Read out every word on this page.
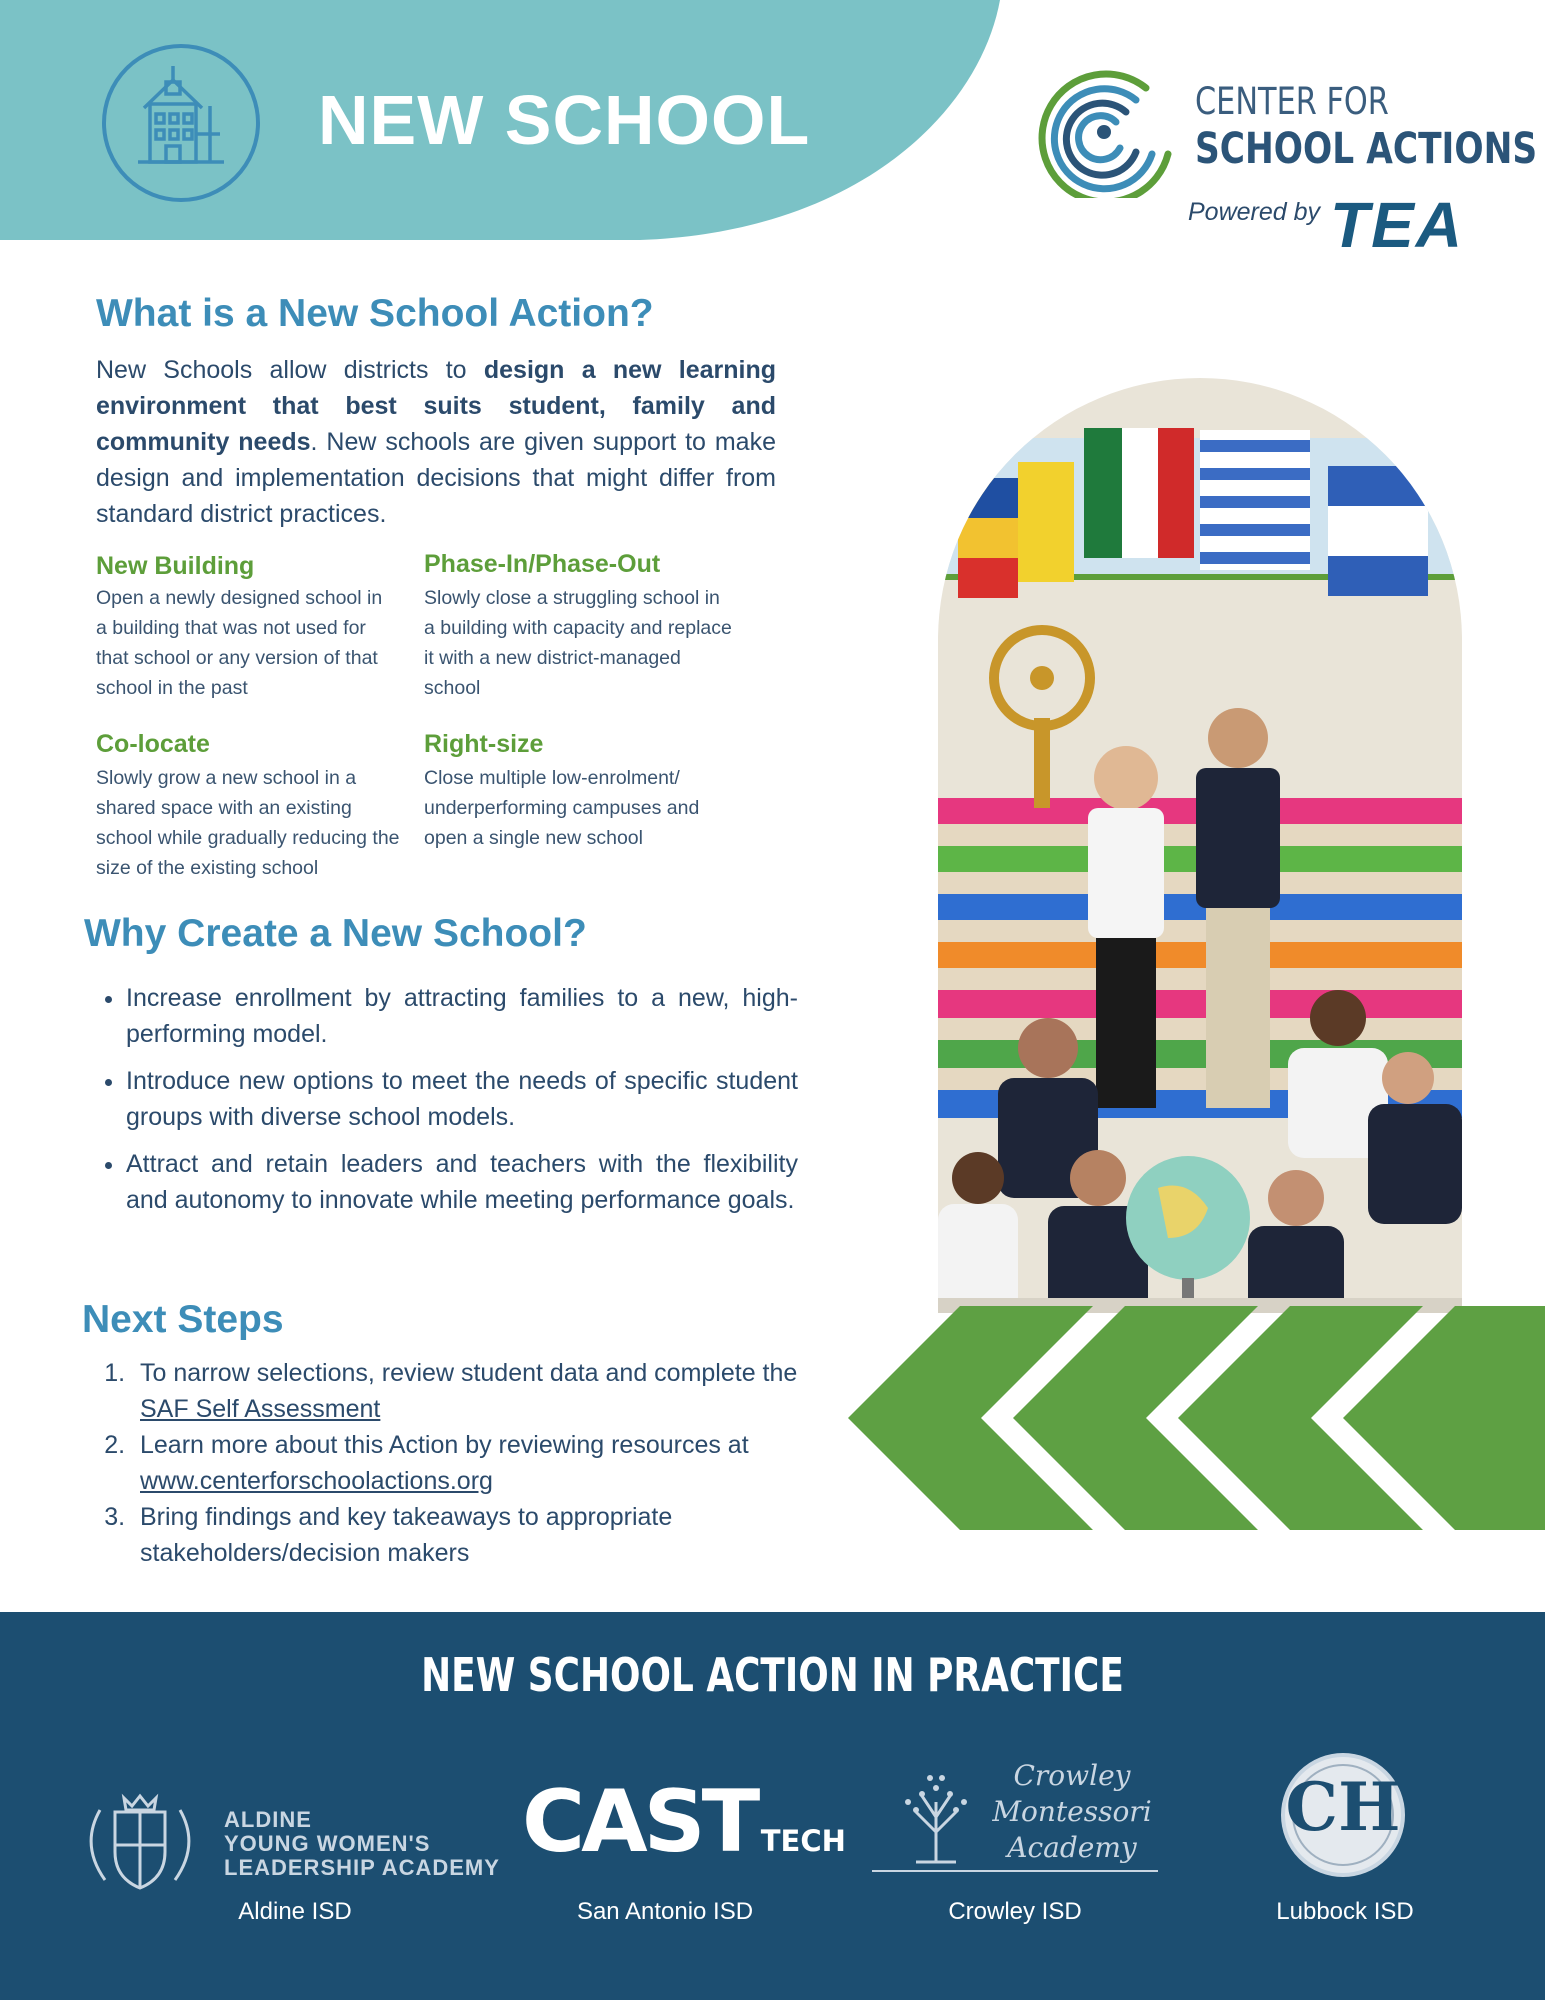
NEW SCHOOL	CENTER FOR
SCHOOL ACTIONS
Powered by TEA
What is a New School Action?
New Schools allow districts to design a new learning environment that best suits student, family and community needs. New schools are given support to make design and implementation decisions that might differ from standard district practices.
New Building
Open a newly designed school in a building that was not used for that school or any version of that school in the past
Phase-In/Phase-Out
Slowly close a struggling school in a building with capacity and replace it with a new district-managed school
Co-locate
Slowly grow a new school in a shared space with an existing school while gradually reducing the size of the existing school
Right-size
Close multiple low-enrolment/ underperforming campuses and open a single new school
Why Create a New School?
• Increase enrollment by attracting families to a new, high-performing model.
• Introduce new options to meet the needs of specific student groups with diverse school models.
• Attract and retain leaders and teachers with the flexibility and autonomy to innovate while meeting performance goals.
Next Steps
1. To narrow selections, review student data and complete the SAF Self Assessment
2. Learn more about this Action by reviewing resources at www.centerforschoolactions.org
3. Bring findings and key takeaways to appropriate stakeholders/decision makers
NEW SCHOOL ACTION IN PRACTICE
ALDINE
YOUNG WOMEN'S
LEADERSHIP ACADEMY CAST TECH
Crowley
Montessori
Academy
CH
Aldine ISD	San Antonio ISD	Crowley ISD	Lubbock ISD
